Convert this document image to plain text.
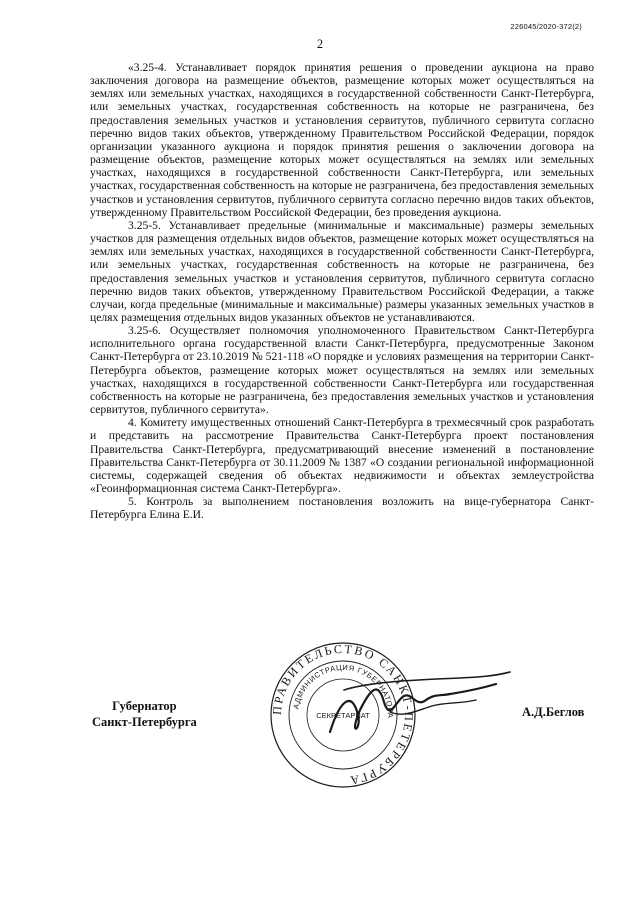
226045/2020-372(2)
2

«3.25-4. Устанавливает порядок принятия решения о проведении аукциона на право заключения договора на размещение объектов, размещение которых может осуществляться на землях или земельных участках, находящихся в государственной собственности Санкт-Петербурга, или земельных участках, государственная собственность на которые не разграничена, без предоставления земельных участков и установления сервитутов, публичного сервитута согласно перечню видов таких объектов, утвержденному Правительством Российской Федерации, порядок организации указанного аукциона и порядок принятия решения о заключении договора на размещение объектов, размещение которых может осуществляться на землях или земельных участках, находящихся в государственной собственности Санкт-Петербурга, или земельных участках, государственная собственность на которые не разграничена, без предоставления земельных участков и установления сервитутов, публичного сервитута согласно перечню видов таких объектов, утвержденному Правительством Российской Федерации, без проведения аукциона.

3.25-5. Устанавливает предельные (минимальные и максимальные) размеры земельных участков для размещения отдельных видов объектов, размещение которых может осуществляться на землях или земельных участках, находящихся в государственной собственности Санкт-Петербурга, или земельных участках, государственная собственность на которые не разграничена, без предоставления земельных участков и установления сервитутов, публичного сервитута согласно перечню видов таких объектов, утвержденному Правительством Российской Федерации, а также случаи, когда предельные (минимальные и максимальные) размеры указанных земельных участков в целях размещения отдельных видов указанных объектов не устанавливаются.

3.25-6. Осуществляет полномочия уполномоченного Правительством Санкт-Петербурга исполнительного органа государственной власти Санкт-Петербурга, предусмотренные Законом Санкт-Петербурга от 23.10.2019 № 521-118 «О порядке и условиях размещения на территории Санкт-Петербурга объектов, размещение которых может осуществляться на землях или земельных участках, находящихся в государственной собственности Санкт-Петербурга или государственная собственность на которые не разграничена, без предоставления земельных участков и установления сервитутов, публичного сервитута».

4. Комитету имущественных отношений Санкт-Петербурга в трехмесячный срок разработать и представить на рассмотрение Правительства Санкт-Петербурга проект постановления Правительства Санкт-Петербурга, предусматривающий внесение изменений в постановление Правительства Санкт-Петербурга от 30.11.2009 № 1387 «О создании региональной информационной системы, содержащей сведения об объектах недвижимости и объектах землеустройства «Геоинформационная система Санкт-Петербурга».

5. Контроль за выполнением постановления возложить на вице-губернатора Санкт-Петербурга Елина Е.И.

Губернатор
Санкт-Петербурга
А.Д.Беглов
ПРАВИТЕЛЬСТВО САНКТ-ПЕТЕРБУРГА
АДМИНИСТРАЦИЯ ГУБЕРНАТОРА
СЕКРЕТАРИАТ
